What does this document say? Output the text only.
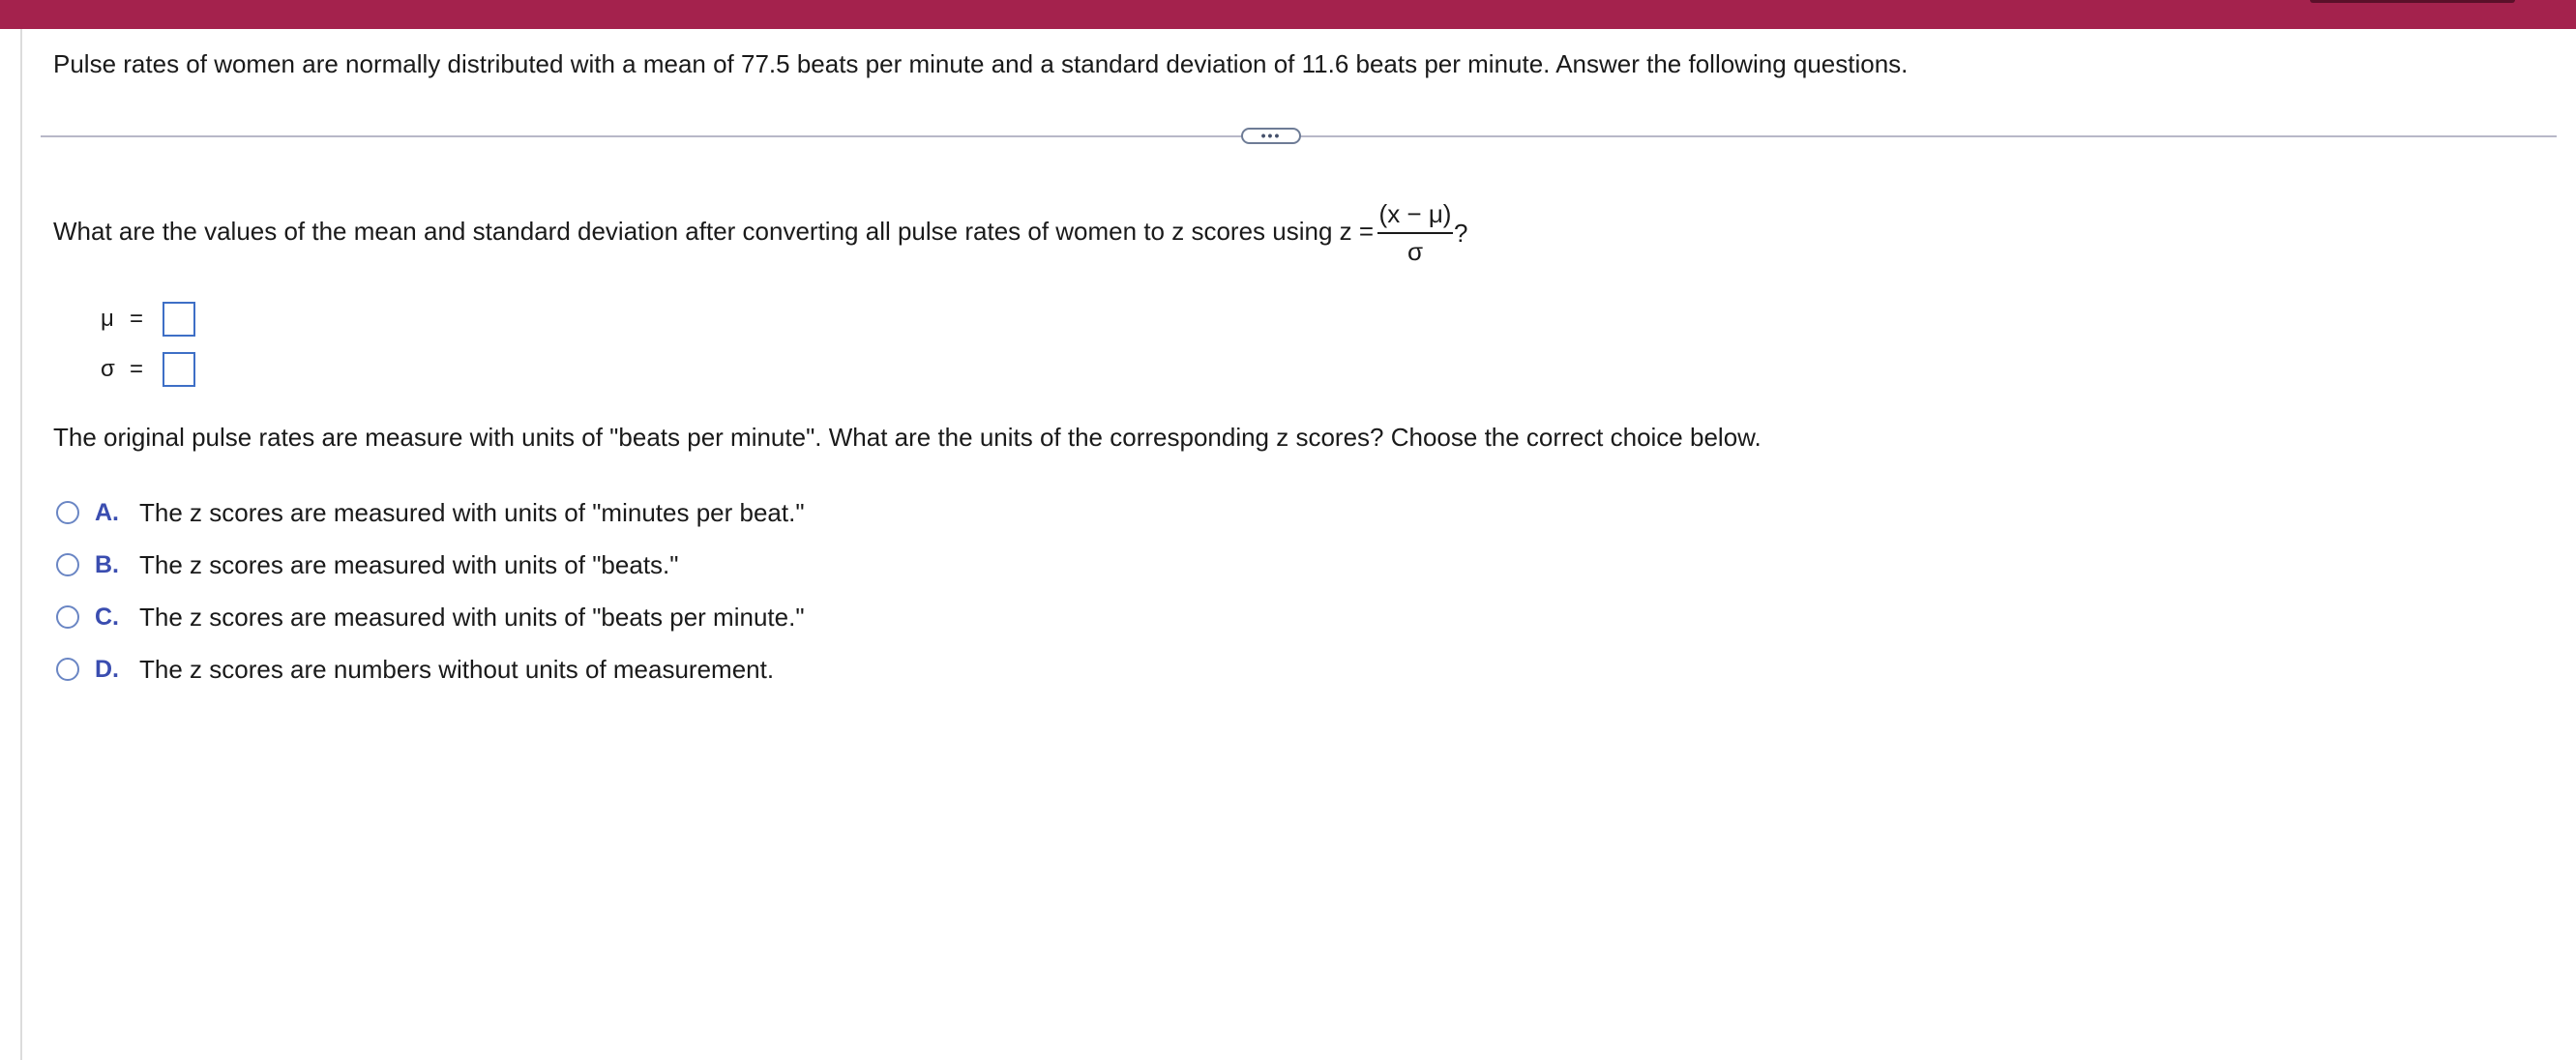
Pulse rates of women are normally distributed with a mean of 77.5 beats per minute and a standard deviation of 11.6 beats per minute. Answer the following questions.
•••
What are the values of the mean and standard deviation after converting all pulse rates of women to z scores using z =
(x − μ)
σ
?
μ =
σ =
The original pulse rates are measure with units of "beats per minute". What are the units of the corresponding z scores? Choose the correct choice below.
A. The z scores are measured with units of "minutes per beat."
B. The z scores are measured with units of "beats."
C. The z scores are measured with units of "beats per minute."
D. The z scores are numbers without units of measurement.
